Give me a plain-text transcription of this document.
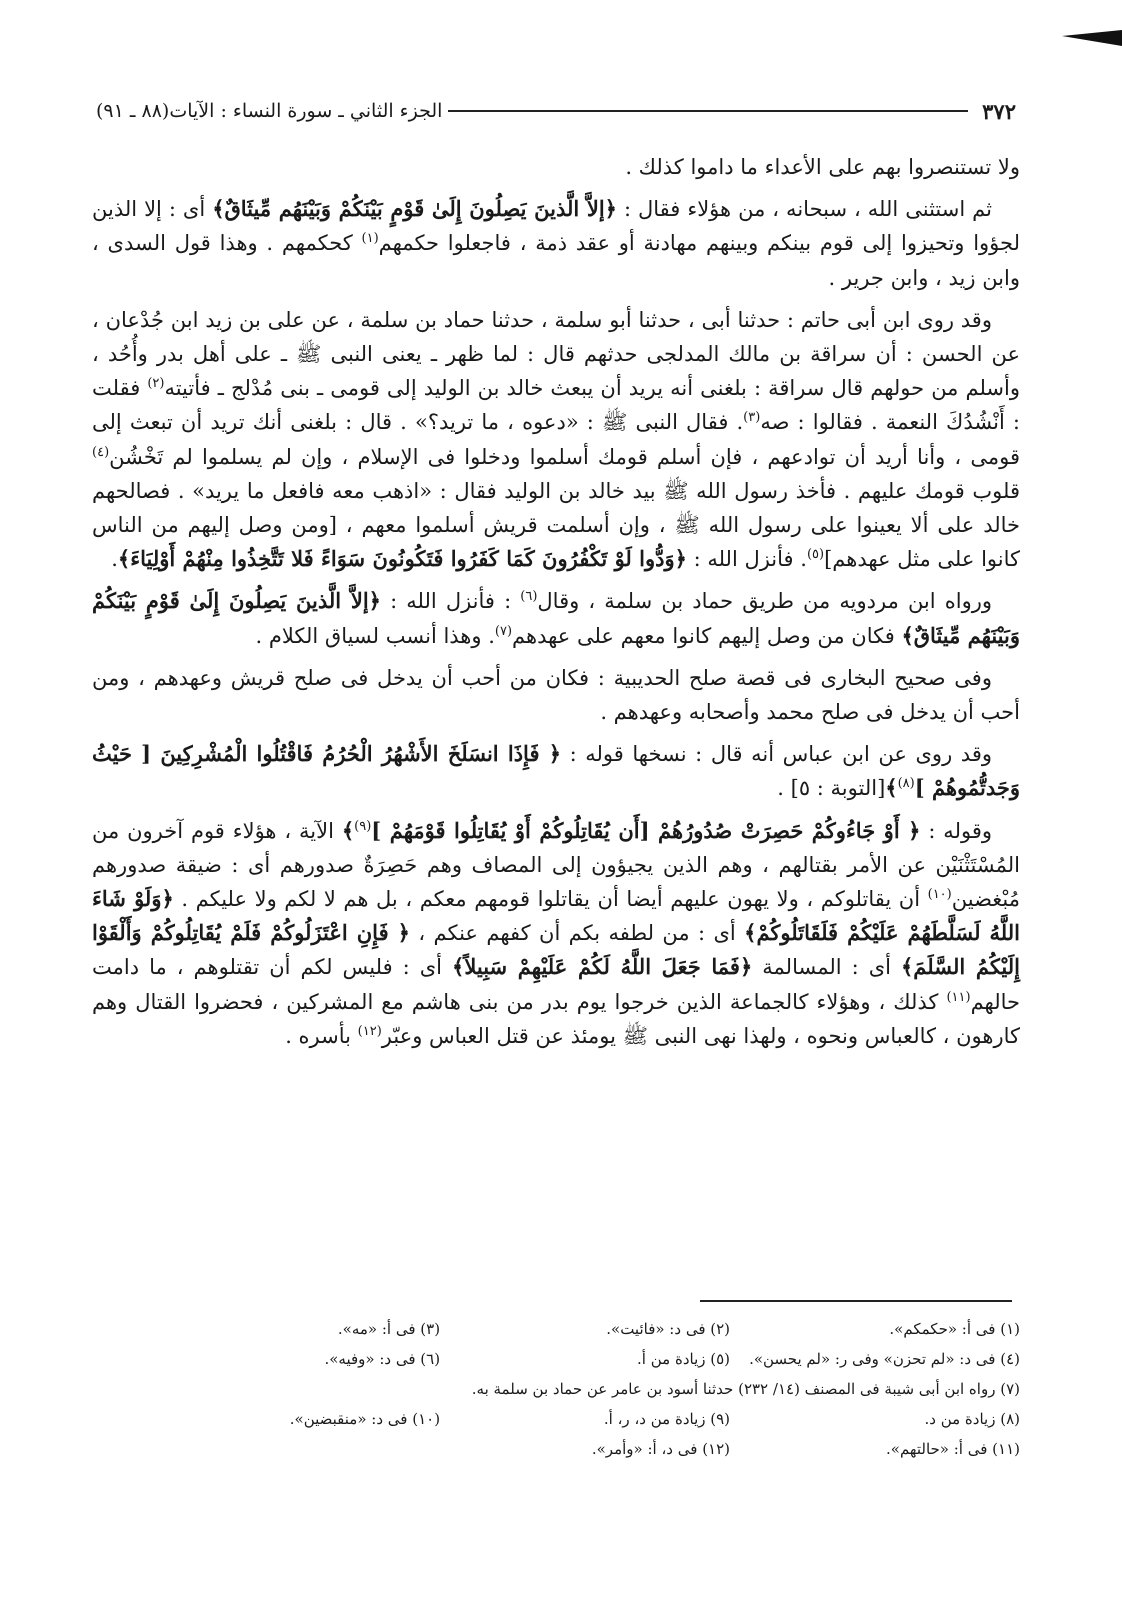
٣٧٢
الجزء الثاني ـ سورة النساء : الآيات(٨٨ ـ ٩١)

ولا تستنصروا بهم على الأعداء ما داموا كذلك .

ثم استثنى الله ، سبحانه ، من هؤلاء فقال : ﴿إلاَّ الَّذينَ يَصِلُونَ إِلَىٰ قَوْمٍ بَيْنَكُمْ وَبَيْنَهُم مِّيثَاقٌ﴾ أى : إلا الذين لجؤوا وتحيزوا إلى قوم بينكم وبينهم مهادنة أو عقد ذمة ، فاجعلوا حكمهم$^{(١)}$ كحكمهم . وهذا قول السدى ، وابن زيد ، وابن جرير .

وقد روى ابن أبى حاتم : حدثنا أبى ، حدثنا أبو سلمة ، حدثنا حماد بن سلمة ، عن على بن زيد ابن جُدْعان ، عن الحسن : أن سراقة بن مالك المدلجى حدثهم قال : لما ظهر ـ يعنى النبى ﷺ ـ على أهل بدر وأُحُد ، وأسلم من حولهم قال سراقة : بلغنى أنه يريد أن يبعث خالد بن الوليد إلى قومى ـ بنى مُدْلج ـ فأتيته$^{(٢)}$ فقلت : أَنْشُدُكَ النعمة . فقالوا : صه$^{(٣)}$. فقال النبى ﷺ : «دعوه ، ما تريد؟» . قال : بلغنى أنك تريد أن تبعث إلى قومى ، وأنا أريد أن توادعهم ، فإن أسلم قومك أسلموا ودخلوا فى الإسلام ، وإن لم يسلموا لم تَخْشُن$^{(٤)}$ قلوب قومك عليهم . فأخذ رسول الله ﷺ بيد خالد بن الوليد فقال : «اذهب معه فافعل ما يريد» . فصالحهم خالد على ألا يعينوا على رسول الله ﷺ ، وإن أسلمت قريش أسلموا معهم ، [ومن وصل إليهم من الناس كانوا على مثل عهدهم]$^{(٥)}$. فأنزل الله : ﴿وَدُّوا لَوْ تَكْفُرُونَ كَمَا كَفَرُوا فَتَكُونُونَ سَوَاءً فَلا تَتَّخِذُوا مِنْهُمْ أَوْلِيَاءَ﴾.

ورواه ابن مردويه من طريق حماد بن سلمة ، وقال$^{(٦)}$ : فأنزل الله : ﴿إلاَّ الَّذينَ يَصِلُونَ إِلَىٰ قَوْمٍ بَيْنَكُمْ وَبَيْنَهُم مِّيثَاقٌ﴾ فكان من وصل إليهم كانوا معهم على عهدهم$^{(٧)}$. وهذا أنسب لسياق الكلام .

وفى صحيح البخارى فى قصة صلح الحديبية : فكان من أحب أن يدخل فى صلح قريش وعهدهم ، ومن أحب أن يدخل فى صلح محمد وأصحابه وعهدهم .

وقد روى عن ابن عباس أنه قال : نسخها قوله : ﴿ فَإِذَا انسَلَخَ الأَشْهُرُ الْحُرُمُ فَاقْتُلُوا الْمُشْرِكِينَ [ حَيْثُ وَجَدتُّمُوهُمْ ]$^{(٨)}$﴾[التوبة : ٥] .

وقوله : ﴿ أَوْ جَاءُوكُمْ حَصِرَتْ صُدُورُهُمْ [أَن يُقَاتِلُوكُمْ أَوْ يُقَاتِلُوا قَوْمَهُمْ ]$^{(٩)}$﴾ الآية ، هؤلاء قوم آخرون من المُسْتَثْنَيْن عن الأمر بقتالهم ، وهم الذين يجيؤون إلى المصاف وهم حَصِرَةٌ صدورهم أى : ضيقة صدورهم مُبْغضين$^{(١٠)}$ أن يقاتلوكم ، ولا يهون عليهم أيضا أن يقاتلوا قومهم معكم ، بل هم لا لكم ولا عليكم . ﴿وَلَوْ شَاءَ اللَّهُ لَسَلَّطَهُمْ عَلَيْكُمْ فَلَقَاتَلُوكُمْ﴾ أى : من لطفه بكم أن كفهم عنكم ، ﴿ فَإِنِ اعْتَزَلُوكُمْ فَلَمْ يُقَاتِلُوكُمْ وَأَلْقَوْا إِلَيْكُمُ السَّلَمَ﴾ أى : المسالمة ﴿فَمَا جَعَلَ اللَّهُ لَكُمْ عَلَيْهِمْ سَبِيلاً﴾ أى : فليس لكم أن تقتلوهم ، ما دامت حالهم$^{(١١)}$ كذلك ، وهؤلاء كالجماعة الذين خرجوا يوم بدر من بنى هاشم مع المشركين ، فحضروا القتال وهم كارهون ، كالعباس ونحوه ، ولهذا نهى النبى ﷺ يومئذ عن قتل العباس وعبّر$^{(١٢)}$ بأسره .

(١) فى أ: «حكمكم».
(٢) فى د: «فائيت».
(٣) فى أ: «مه».
(٤) فى د: «لم تحزن» وفى ر: «لم يحسن».
(٥) زيادة من أ.
(٦) فى د: «وفيه».
(٧) رواه ابن أبى شيبة فى المصنف (١٤/ ٢٣٢) حدثنا أسود بن عامر عن حماد بن سلمة به.
(٨) زيادة من د.
(٩) زيادة من د، ر، أ.
(١٠) فى د: «منقبضين».
(١١) فى أ: «حالتهم».
(١٢) فى د، أ: «وأمر».
